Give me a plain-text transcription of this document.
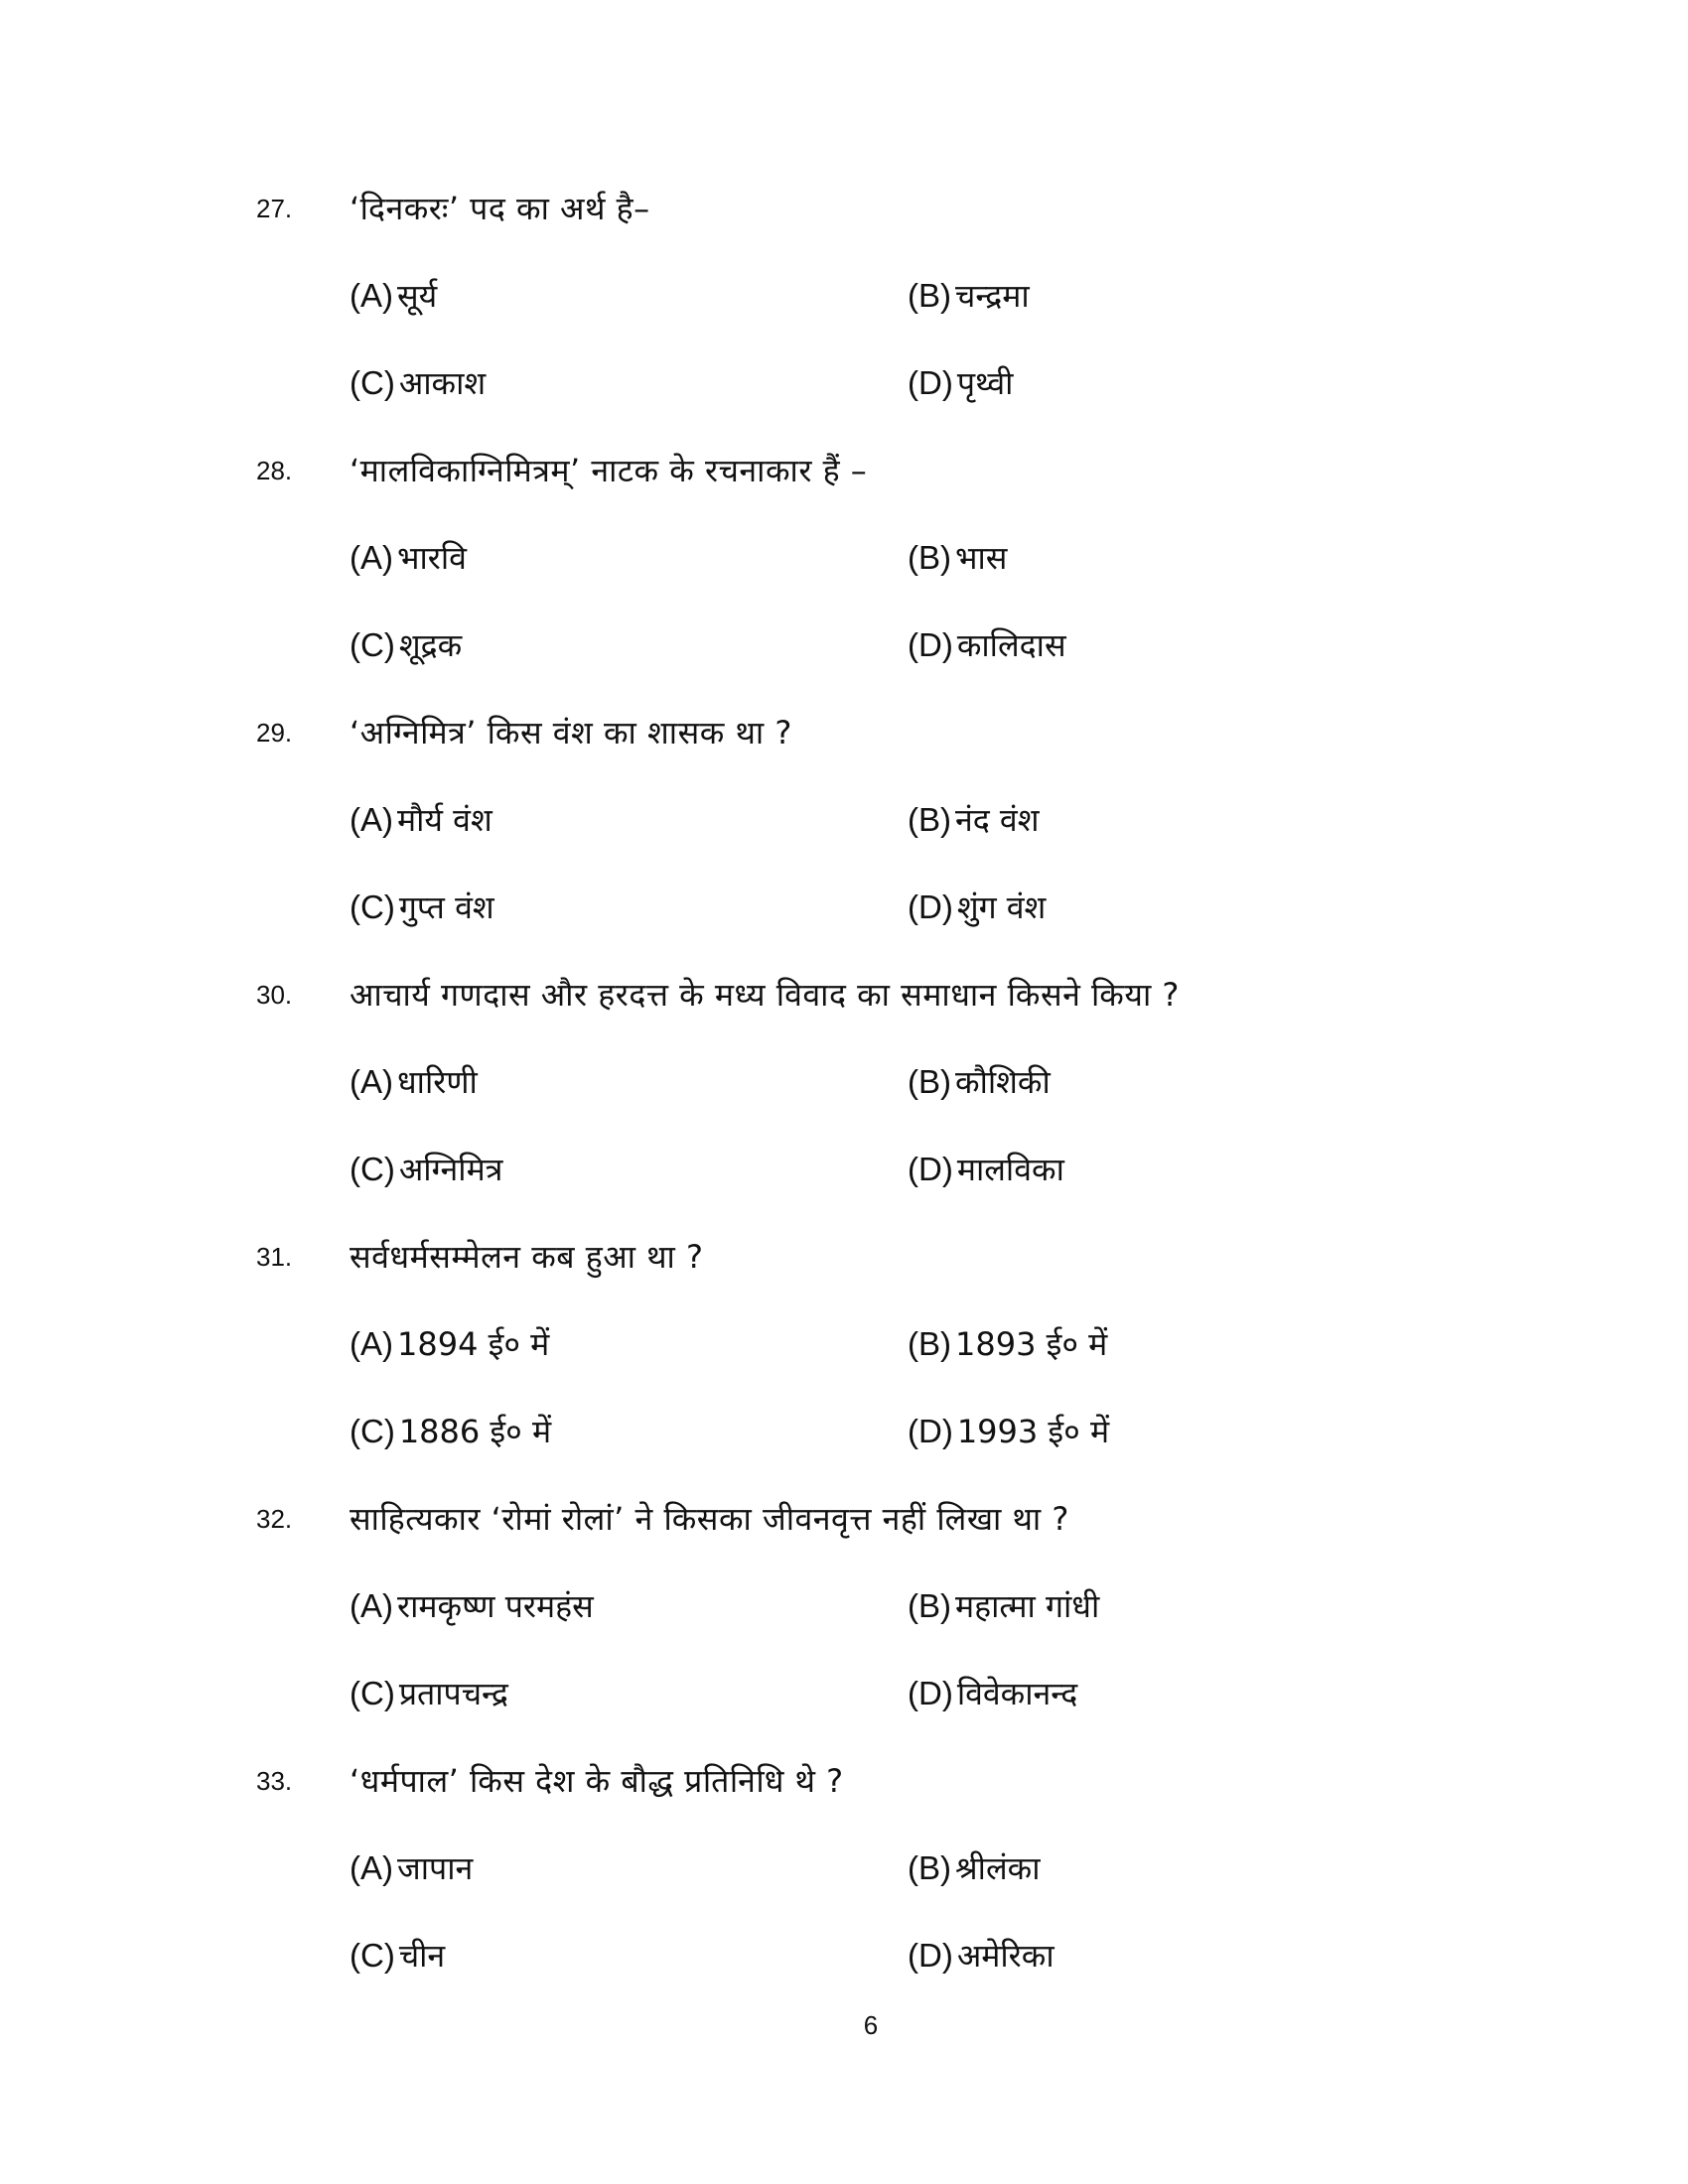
27. ‘दिनकरः’ पद का अर्थ है–
(A) सूर्य	(B) चन्द्रमा
(C) आकाश	(D) पृथ्वी
28. ‘मालविकाग्निमित्रम्’ नाटक के रचनाकार हैं –
(A) भारवि	(B) भास
(C) शूद्रक	(D) कालिदास
29. ‘अग्निमित्र’ किस वंश का शासक था ?
(A) मौर्य वंश	(B) नंद वंश
(C) गुप्त वंश	(D) शुंग वंश
30. आचार्य गणदास और हरदत्त के मध्य विवाद का समाधान किसने किया ?
(A) धारिणी	(B) कौशिकी
(C) अग्निमित्र	(D) मालविका
31. सर्वधर्मसम्मेलन कब हुआ था ?
(A) 1894 ई० में	(B) 1893 ई० में
(C) 1886 ई० में	(D) 1993 ई० में
32. साहित्यकार ‘रोमां रोलां’ ने किसका जीवनवृत्त नहीं लिखा था ?
(A) रामकृष्ण परमहंस	(B) महात्मा गांधी
(C) प्रतापचन्द्र	(D) विवेकानन्द
33. ‘धर्मपाल’ किस देश के बौद्ध प्रतिनिधि थे ?
(A) जापान	(B) श्रीलंका
(C) चीन	(D) अमेरिका
6
